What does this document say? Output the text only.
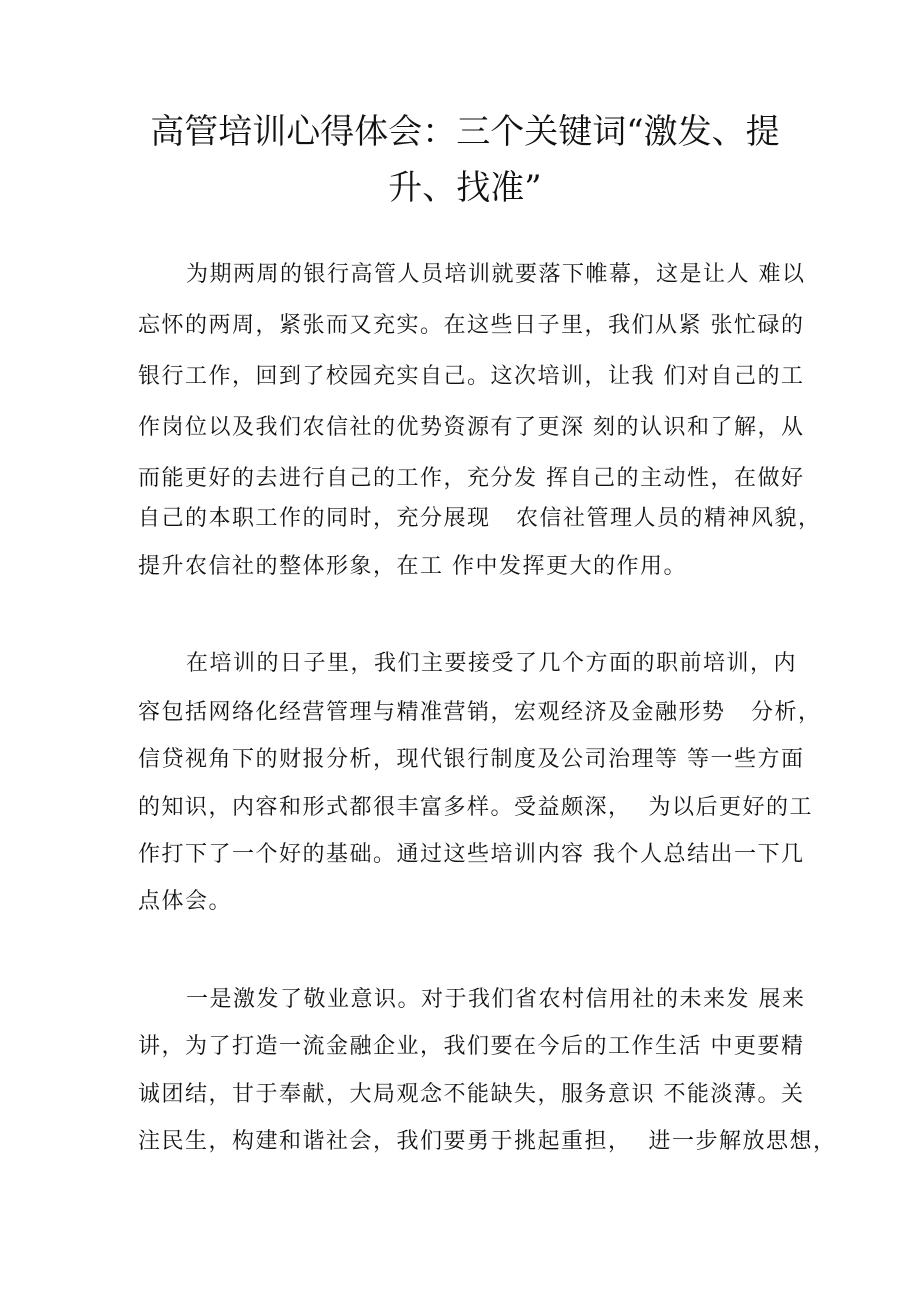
高管培训心得体会：三个关键词“激发、提
升、找准”

为期两周的银行高管人员培训就要落下帷幕，这是让人 难以

忘怀的两周，紧张而又充实。在这些日子里，我们从紧 张忙碌的

银行工作，回到了校园充实自己。这次培训，让我 们对自己的工

作岗位以及我们农信社的优势资源有了更深 刻的认识和了解，从

而能更好的去进行自己的工作，充分发 挥自己的主动性，在做好

自己的本职工作的同时，充分展现   农信社管理人员的精神风貌，

提升农信社的整体形象，在工 作中发挥更大的作用。

在培训的日子里，我们主要接受了几个方面的职前培训，内

容包括网络化经营管理与精准营销，宏观经济及金融形势   分析，

信贷视角下的财报分析，现代银行制度及公司治理等 等一些方面

的知识，内容和形式都很丰富多样。受益颇深，  为以后更好的工

作打下了一个好的基础。通过这些培训内容 我个人总结出一下几

点体会。

一是激发了敬业意识。对于我们省农村信用社的未来发 展来

讲，为了打造一流金融企业，我们要在今后的工作生活 中更要精

诚团结，甘于奉献，大局观念不能缺失，服务意识 不能淡薄。关

注民生，构建和谐社会，我们要勇于挑起重担，  进一步解放思想，
